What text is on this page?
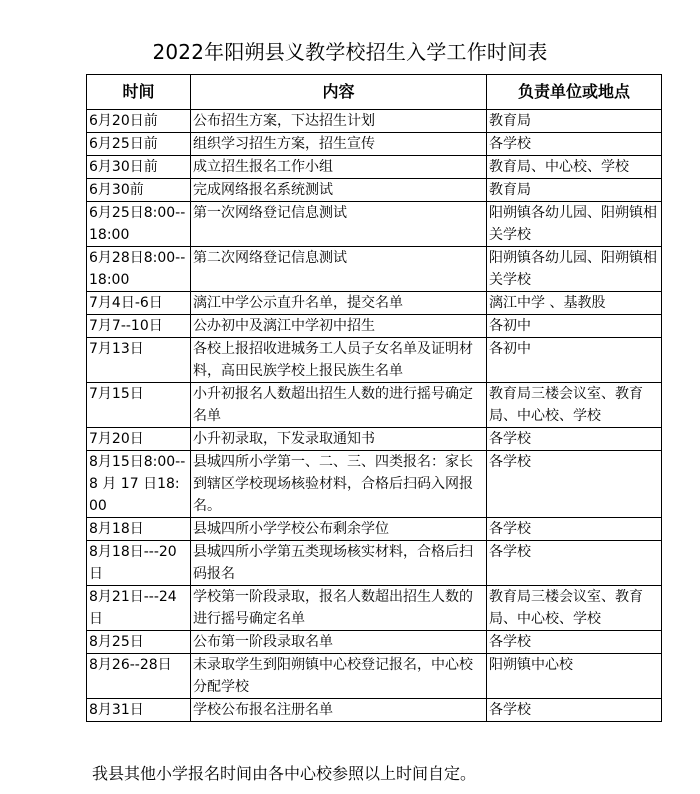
2022年阳朔县义教学校招生入学工作时间表
时间	内容	负责单位或地点
6月20日前	公布招生方案，下达招生计划	教育局
6月25日前	组织学习招生方案，招生宣传	各学校
6月30日前	成立招生报名工作小组	教育局、中心校、学校
6月30前	完成网络报名系统测试	教育局
6月25日8:00--18:00	第一次网络登记信息测试	阳朔镇各幼儿园、阳朔镇相关学校
6月28日8:00--18:00	第二次网络登记信息测试	阳朔镇各幼儿园、阳朔镇相关学校
7月4日-6日	漓江中学公示直升名单，提交名单	漓江中学 、基教股
7月7--10日	公办初中及漓江中学初中招生	各初中
7月13日	各校上报招收进城务工人员子女名单及证明材料，高田民族学校上报民族生名单	各初中
7月15日	小升初报名人数超出招生人数的进行摇号确定名单	教育局三楼会议室、教育局、中心校、学校
7月20日	小升初录取，下发录取通知书	各学校
8月15日8:00--8 月 17 日18:00	县城四所小学第一、二、三、四类报名：家长到辖区学校现场核验材料，合格后扫码入网报名。	各学校
8月18日	县城四所小学学校公布剩余学位	各学校
8月18日---20日	县城四所小学第五类现场核实材料，合格后扫码报名	各学校
8月21日---24日	学校第一阶段录取，报名人数超出招生人数的进行摇号确定名单	教育局三楼会议室、教育局、中心校、学校
8月25日	公布第一阶段录取名单	各学校
8月26--28日	未录取学生到阳朔镇中心校登记报名，中心校分配学校	阳朔镇中心校
8月31日	学校公布报名注册名单	各学校
我县其他小学报名时间由各中心校参照以上时间自定。
